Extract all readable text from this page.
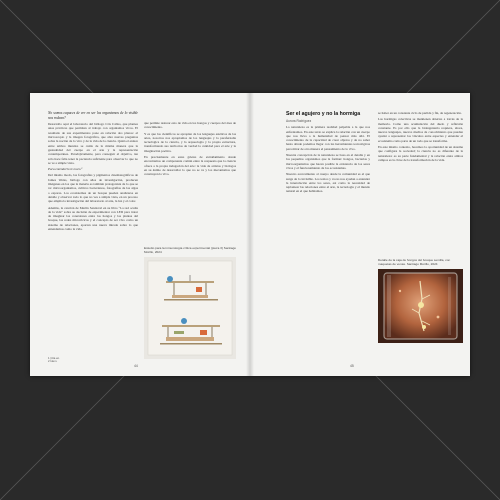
No somos capaces de ver en ser los organismos de lo visible nos rodean?

Desarrollo aquí el laboratorio del biólogo Cris Callao, que plantea unas prácticas que permiten al trabajo con organismos vivos. El resultado de sus experimentos pone en relación dos planos: el microscopio y la imagen fotográfica, que abre nuevas preguntas sobre la noción de lo vivo y de la vida de la ciencia. Quizá el enlace entre ambos mundos se cuida de la misma manera que la gestualidad del cuerpo en el arte y la representación contemporánea. Paradójicamente, para conseguir el objetivo, tan sólo hace falta tener la paciencia suficiente para observar lo que no se ve a simple vista.

Para entenderlo le muro.²

Del mismo modo, las fotografías y pigmentos cinematográficos de James Weiss, biólogo con años de investigación, producen imágenes en los que la materia es también protagonista de lo que se ve: microorganismos, cultivos bacterianos, fotografías de las algas o esporas. Los ecosistemas de un bosque pueden analizarse en detalle y observar todo lo que no ves a simple vista, en un proceso que amplía la investigación del laboratorio al arte, la luz y el color.

Además, la canción de Martín Sandoval en su libro “La red oculta de la vida” sobre su decisión de experimentar con LED para tratar de imaginar las conexiones entre los hongos y las plantas del bosque, las redes micorrícicas y el concepto de ser vivo como un sistema de relaciones, aportan una nueva mirada sobre lo que entendemos como la vida.

que permite rastrear esto de vida en los hongos y cuerpos del área de conocimiento.

Y es que los científicos se apropian de los lenguajes estéticos de las artes, nosotros nos apropiamos de los lenguajes y la parafernalia tecnológica de la ciencia, y la arqueología y la propia estructura, transformando sus territorios de verdad la cantidad para el arte y la imaginación poética.

En precisamente en estas grietas de extrañamiento donde encontramos un componente común entre la respuesta que la ciencia ofrece a la propia indagación del arte: la vida de artistas y biólogos en su ánimo de desarrollar lo que no se ve y los mecanismos que construyen lo vivo.

Estudio para la inmunología crítica experimental (pieza 3) Santiago Morillo, 2024
1 Cita en.
2 Ídem.
44

Ser el agujero y no la hormiga

Aurora Rodríguez

La naturaleza es la primera realidad palpable a la que nos enfrentamos. En este texto se explica la relación con un cuerpo que nos lleva a la humanidad de pensar más allá. El conocimiento de la capacidad de crear objetos y de no saber hasta dónde podemos llegar con las herramientas tecnológicas para mirar de otra manera el pensamiento de lo vivo.

Nuestra concepción de la naturaleza se basa en el detalle y en los pequeños organismos que la forman: hongos, bacterias y microorganismos que hacen posible la existencia de los seres vivos y el funcionamiento de los ecosistemas.

Nuestro acercamiento al cuerpo desde la comunidad es el que surge de lo invisible. Los textos y voces nos ayudan a entender la interrelación entre los seres, así como la necesidad de replantear las relaciones entre el arte, la tecnología y el mundo natural en el que habitamos.

se haber en un constante ciclo de partida y fin, de regeneración.

Las hormigas colectivas se mantienen abiertas a través de la memoria. Como una acumulación del duelo y reflexión constante. Es por ello que la bioingeniería requiere, ahora, nuevos lenguajes, nuevos medios de conocimiento que puedan ayudar a representar los vínculos entre especies y entender el ecosistema como parte de un todo que se transforma.

En este mismo contexto, hacemos la oportunidad de un sistema que configura la sociedad; la ciencia no es diferente de la naturaleza: es su parte fundamental y la relación entre ambos campos es la clave de la transformación de la vida.

Detalle de la caja de hongos del bosque semilla, con maquetas de venas. Santiago Morillo, 2024
45
